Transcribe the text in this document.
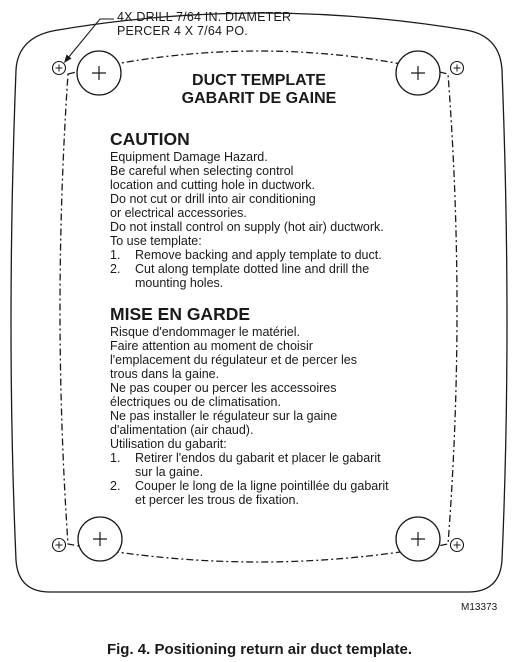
4X DRILL 7/64 IN. DIAMETER
PERCER 4 X 7/64 PO.
DUCT TEMPLATE
GABARIT DE GAINE
CAUTION
Equipment Damage Hazard.
Be careful when selecting control
location and cutting hole in ductwork.
Do not cut or drill into air conditioning
or electrical accessories.
Do not install control on supply (hot air) ductwork.
To use template:
1. Remove backing and apply template to duct.
2. Cut along template dotted line and drill the
mounting holes.
MISE EN GARDE
Risque d'endommager le matériel.
Faire attention au moment de choisir
l'emplacement du régulateur et de percer les
trous dans la gaine.
Ne pas couper ou percer les accessoires
électriques ou de climatisation.
Ne pas installer le régulateur sur la gaine
d'alimentation (air chaud).
Utilisation du gabarit:
1. Retirer l'endos du gabarit et placer le gabarit
sur la gaine.
2. Couper le long de la ligne pointillée du gabarit
et percer les trous de fixation.
M13373
Fig. 4. Positioning return air duct template.
